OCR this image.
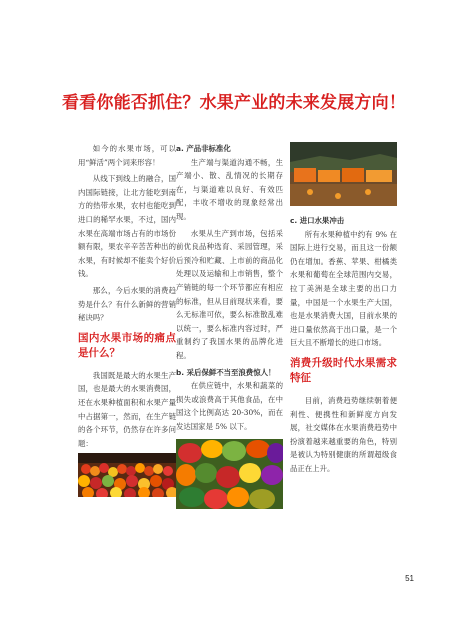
看看你能否抓住？水果产业的未来发展方向！

如今的水果市场，可以用“鲜活”两个词来形容！

从线下到线上的融合，国内国际链接，让北方能吃到南方的热带水果，农村也能吃到进口的稀罕水果，不过，国内水果在高端市场占有的市场份额有限，果农辛辛苦苦种出的水果，有时候却不能卖个好价钱。

那么，今后水果的消费趋势是什么？有什么新鲜的营销秘诀吗？

国内水果市场的痛点是什么？

我国既是最大的水果生产国，也是最大的水果消费国，还在水果种植面积和水果产量中占据第一，然而，在生产链的各个环节，仍然存在许多问题：

a. 产品非标准化

生产端与渠道沟通不畅，生产端小、散、乱情况的长期存在，与渠道难以良好、有效匹配，丰收不增收的现象经常出现。

水果从生产到市场，包括采前优良品种选育、采园管理，采后预冷和贮藏、上市前的商品化处理以及运输和上市销售，整个产销链的每一个环节都应有相应的标准，但从目前现状来看，要么无标准可依，要么标准散乱难以统一，要么标准内容过时，严重制约了我国水果的品牌化进程。

b. 采后保鲜不当至浪费惊人！

在供应链中，水果和蔬菜的损失或浪费高于其他食品，在中国这个比例高达 20-30%，而在发达国家是 5% 以下。

c. 进口水果冲击

所有水果种植中约有 9% 在国际上进行交易，而且这一份额仍在增加。香蕉、苹果、柑橘类水果和葡萄在全球范围内交易，拉丁美洲是全球主要的出口力量，中国是一个水果生产大国，也是水果消费大国，目前水果的进口量依然高于出口量，是一个巨大且不断增长的进口市场。

消费升级时代水果需求特征

目前，消费趋势继续朝着便利性、便携性和新鲜度方向发展，社交媒体在水果消费趋势中扮演着越来越重要的角色，特别是被认为特别健康的所谓超级食品正在上升。

51
